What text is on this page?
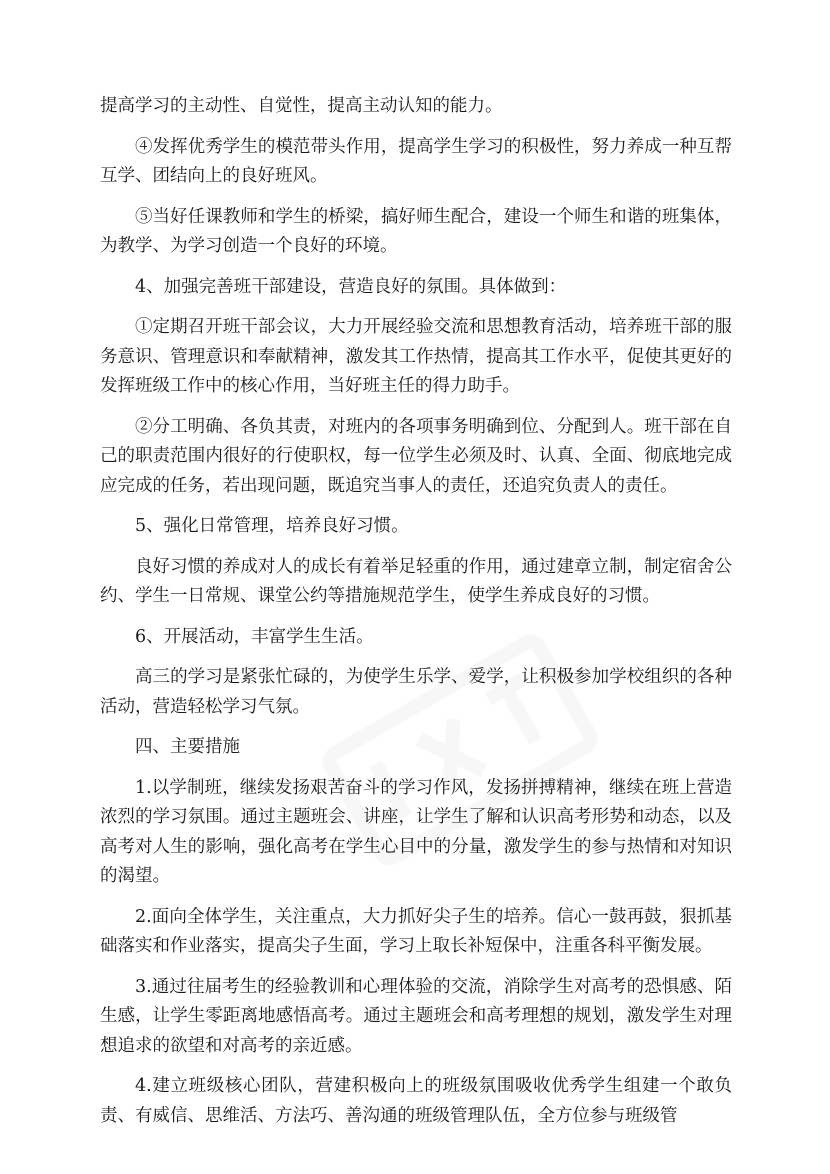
提高学习的主动性、自觉性，提高主动认知的能力。

④发挥优秀学生的模范带头作用，提高学生学习的积极性，努力养成一种互帮互学、团结向上的良好班风。

⑤当好任课教师和学生的桥梁，搞好师生配合，建设一个师生和谐的班集体，为教学、为学习创造一个良好的环境。

4、加强完善班干部建设，营造良好的氛围。具体做到：

①定期召开班干部会议，大力开展经验交流和思想教育活动，培养班干部的服务意识、管理意识和奉献精神，激发其工作热情，提高其工作水平，促使其更好的发挥班级工作中的核心作用，当好班主任的得力助手。

②分工明确、各负其责，对班内的各项事务明确到位、分配到人。班干部在自己的职责范围内很好的行使职权，每一位学生必须及时、认真、全面、彻底地完成应完成的任务，若出现问题，既追究当事人的责任，还追究负责人的责任。

5、强化日常管理，培养良好习惯。

良好习惯的养成对人的成长有着举足轻重的作用，通过建章立制，制定宿舍公约、学生一日常规、课堂公约等措施规范学生，使学生养成良好的习惯。

6、开展活动，丰富学生生活。

高三的学习是紧张忙碌的，为使学生乐学、爱学，让积极参加学校组织的各种活动，营造轻松学习气氛。

四、主要措施

1.以学制班，继续发扬艰苦奋斗的学习作风，发扬拼搏精神，继续在班上营造浓烈的学习氛围。通过主题班会、讲座，让学生了解和认识高考形势和动态，以及高考对人生的影响，强化高考在学生心目中的分量，激发学生的参与热情和对知识的渴望。

2.面向全体学生，关注重点，大力抓好尖子生的培养。信心一鼓再鼓，狠抓基础落实和作业落实，提高尖子生面，学习上取长补短保中，注重各科平衡发展。

3.通过往届考生的经验教训和心理体验的交流，消除学生对高考的恐惧感、陌生感，让学生零距离地感悟高考。通过主题班会和高考理想的规划，激发学生对理想追求的欲望和对高考的亲近感。

4.建立班级核心团队，营建积极向上的班级氛围吸收优秀学生组建一个敢负责、有威信、思维活、方法巧、善沟通的班级管理队伍，全方位参与班级管
